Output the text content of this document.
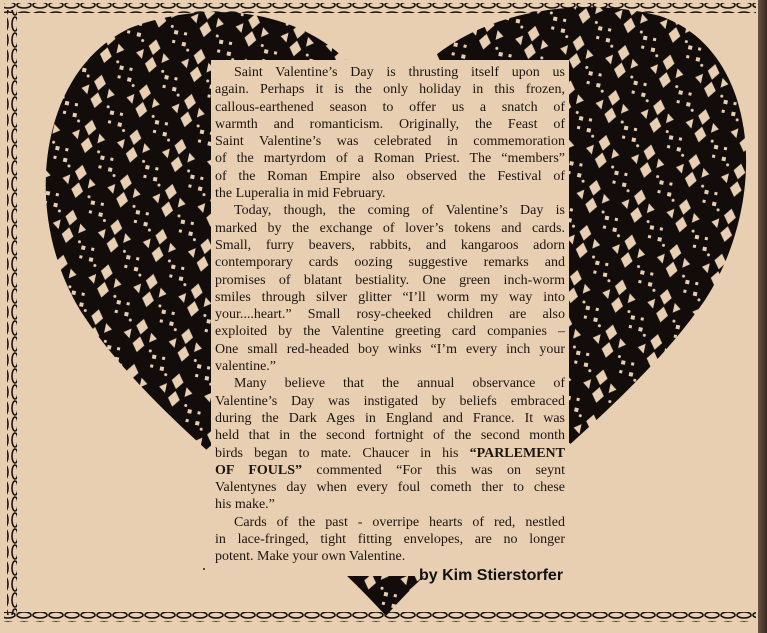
Saint Valentine’s Day is thrusting itself upon us
again. Perhaps it is the only holiday in this frozen,
callous-earthened season to offer us a snatch of
warmth and romanticism. Originally, the Feast of
Saint Valentine’s was celebrated in commemoration
of the martyrdom of a Roman Priest. The “members”
of the Roman Empire also observed the Festival of
the Luperalia in mid February.
Today, though, the coming of Valentine’s Day is
marked by the exchange of lover’s tokens and cards.
Small, furry beavers, rabbits, and kangaroos adorn
contemporary cards oozing suggestive remarks and
promises of blatant bestiality. One green inch-worm
smiles through silver glitter “I’ll worm my way into
your....heart.” Small rosy-cheeked children are also
exploited by the Valentine greeting card companies –
One small red-headed boy winks “I’m every inch your
valentine.”
Many believe that the annual observance of
Valentine’s Day was instigated by beliefs embraced
during the Dark Ages in England and France. It was
held that in the second fortnight of the second month
birds began to mate. Chaucer in his “PARLEMENT
OF FOULS” commented “For this was on seynt
Valentynes day when every foul cometh ther to chese
his make.”
Cards of the past - overripe hearts of red, nestled
in lace-fringed, tight fitting envelopes, are no longer
potent. Make your own Valentine.
by Kim Stierstorfer
